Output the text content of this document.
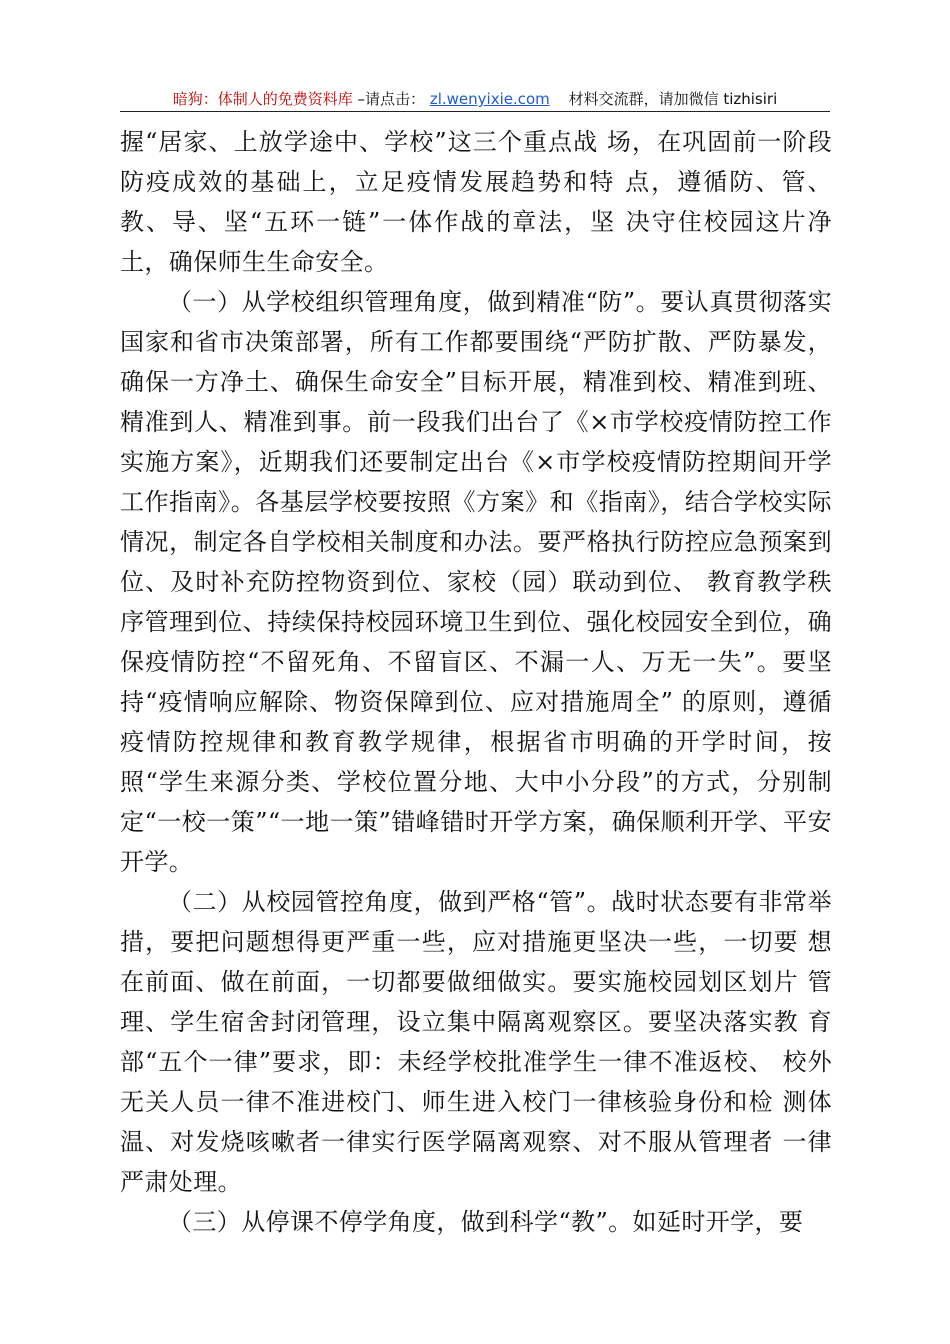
暗狗：体制人的免费资料库 –请点击： zl.wenyixie.com 材料交流群，请加微信 tizhisiri

握“居家、上放学途中、学校”这三个重点战 场，在巩固前一阶段防疫成效的基础上，立足疫情发展趋势和特 点，遵循防、管、教、导、坚“五环一链”一体作战的章法，坚 决守住校园这片净土，确保师生生命安全。

（一）从学校组织管理角度，做到精准“防”。要认真贯彻落实国家和省市决策部署，所有工作都要围绕“严防扩散、严防暴发，确保一方净土、确保生命安全”目标开展，精准到校、精准到班、精准到人、精准到事。前一段我们出台了《×市学校疫情防控工作实施方案》，近期我们还要制定出台《×市学校疫情防控期间开学工作指南》。各基层学校要按照《方案》和《指南》，结合学校实际情况，制定各自学校相关制度和办法。要严格执行防控应急预案到位、及时补充防控物资到位、家校（园）联动到位、 教育教学秩序管理到位、持续保持校园环境卫生到位、强化校园安全到位，确保疫情防控“不留死角、不留盲区、不漏一人、万无一失”。要坚持“疫情响应解除、物资保障到位、应对措施周全” 的原则，遵循疫情防控规律和教育教学规律，根据省市明确的开学时间，按照“学生来源分类、学校位置分地、大中小分段”的方式，分别制定“一校一策”“一地一策”错峰错时开学方案，确保顺利开学、平安开学。

（二）从校园管控角度，做到严格“管”。战时状态要有非常举措，要把问题想得更严重一些，应对措施更坚决一些，一切要 想在前面、做在前面，一切都要做细做实。要实施校园划区划片 管理、学生宿舍封闭管理，设立集中隔离观察区。要坚决落实教 育部“五个一律”要求，即：未经学校批准学生一律不准返校、 校外无关人员一律不准进校门、师生进入校门一律核验身份和检 测体温、对发烧咳嗽者一律实行医学隔离观察、对不服从管理者 一律严肃处理。

（三）从停课不停学角度，做到科学“教”。如延时开学，要
